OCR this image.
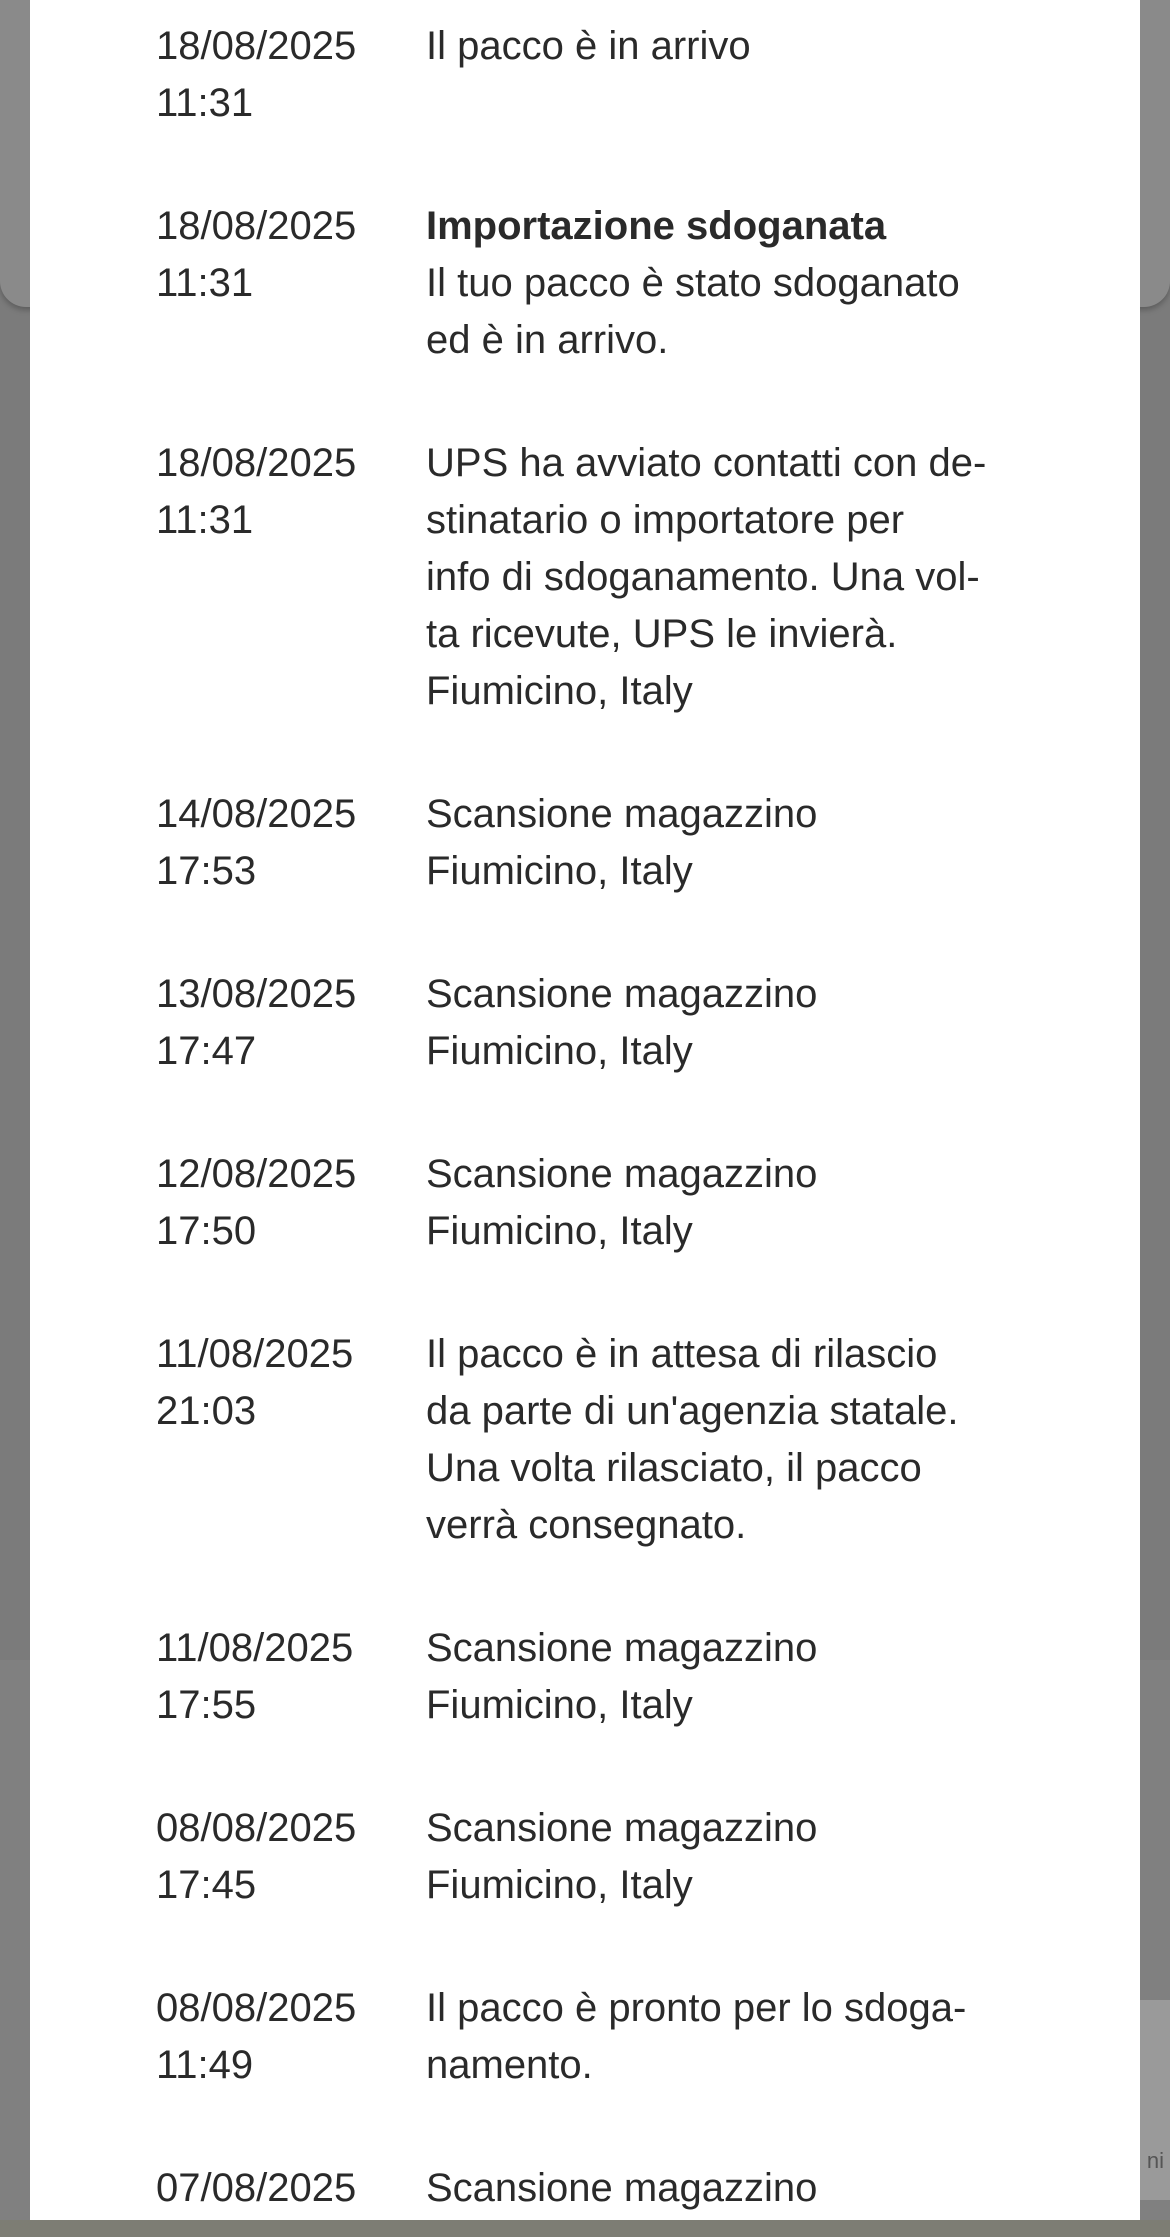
ni
18/08/2025
11:31
Il pacco è in arrivo
18/08/2025
11:31
Importazione sdoganata
Il tuo pacco è stato sdoganato
ed è in arrivo.
18/08/2025
11:31
UPS ha avviato contatti con de-
stinatario o importatore per
info di sdoganamento. Una vol-
ta ricevute, UPS le invierà.
Fiumicino, Italy
14/08/2025
17:53
Scansione magazzino
Fiumicino, Italy
13/08/2025
17:47
Scansione magazzino
Fiumicino, Italy
12/08/2025
17:50
Scansione magazzino
Fiumicino, Italy
11/08/2025
21:03
Il pacco è in attesa di rilascio
da parte di un'agenzia statale.
Una volta rilasciato, il pacco
verrà consegnato.
11/08/2025
17:55
Scansione magazzino
Fiumicino, Italy
08/08/2025
17:45
Scansione magazzino
Fiumicino, Italy
08/08/2025
11:49
Il pacco è pronto per lo sdoga-
namento.
07/08/2025	Scansione magazzino
